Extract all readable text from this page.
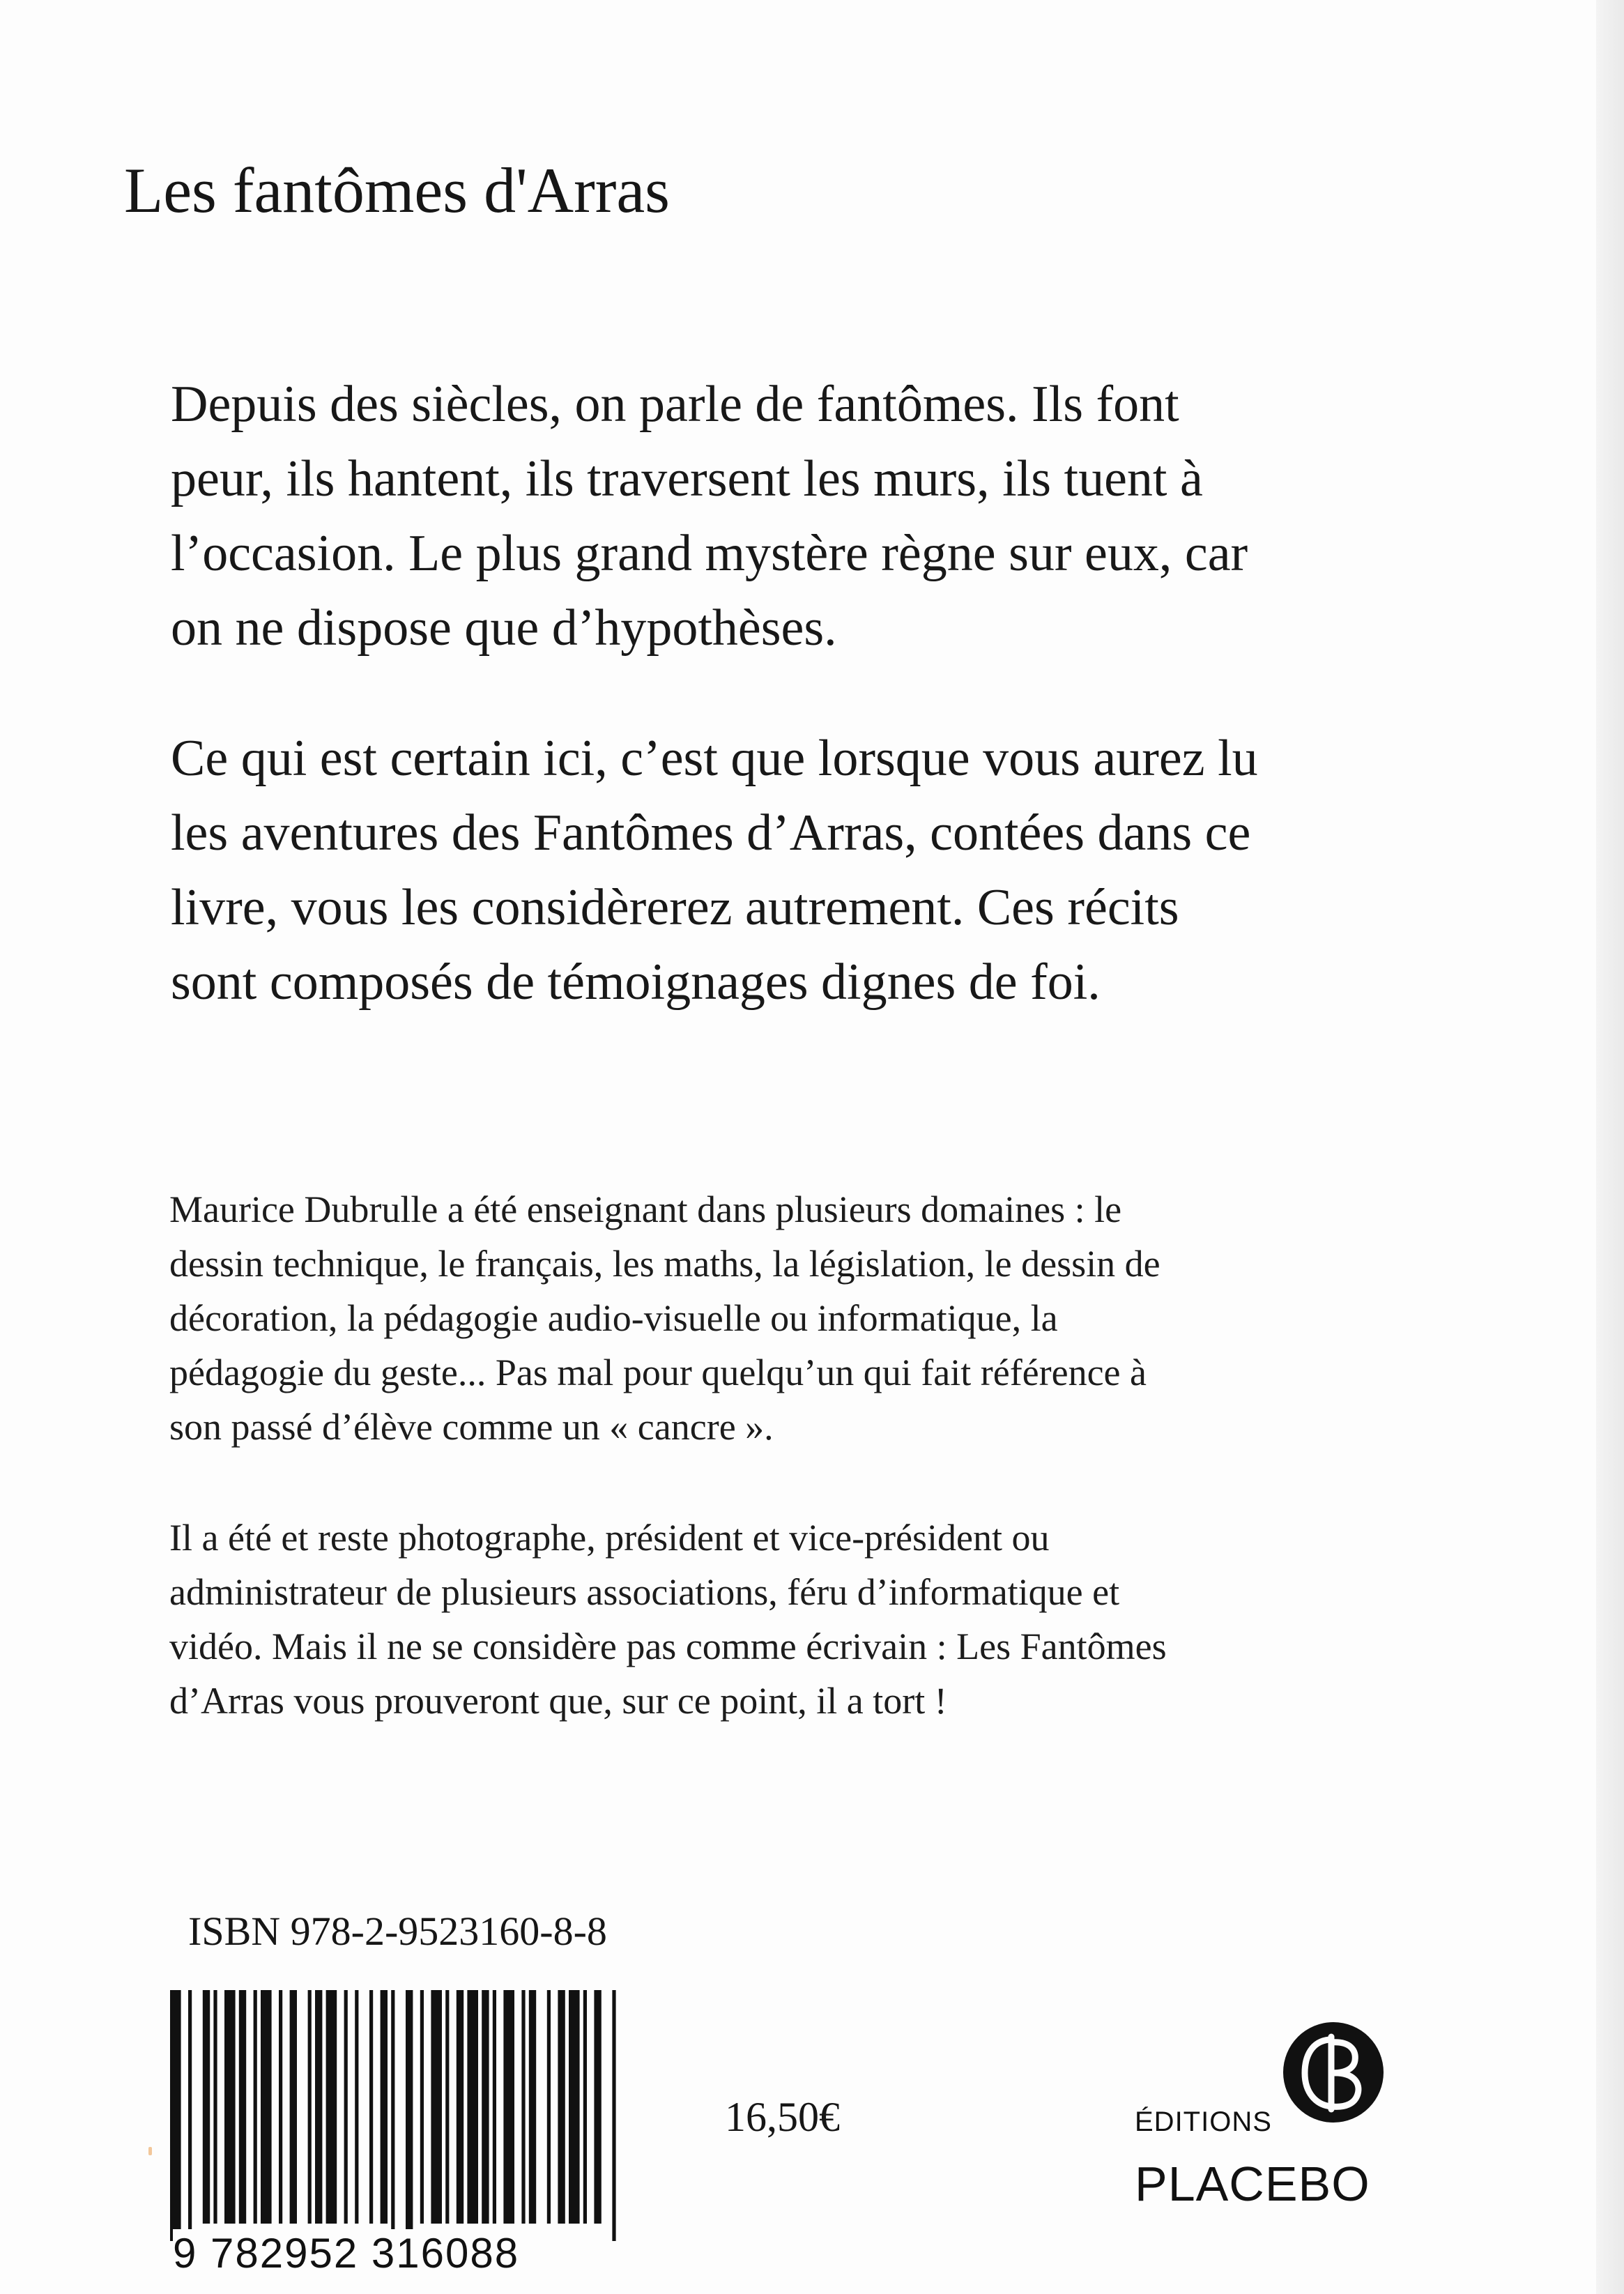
Les fantômes d'Arras

Depuis des siècles, on parle de fantômes. Ils font
peur, ils hantent, ils traversent les murs, ils tuent à
l’occasion. Le plus grand mystère règne sur eux, car
on ne dispose que d’hypothèses.

Ce qui est certain ici, c’est que lorsque vous aurez lu
les aventures des Fantômes d’Arras, contées dans ce
livre, vous les considèrerez autrement. Ces récits
sont composés de témoignages dignes de foi.

Maurice Dubrulle a été enseignant dans plusieurs domaines : le
dessin technique, le français, les maths, la législation, le dessin de
décoration, la pédagogie audio-visuelle ou informatique, la
pédagogie du geste... Pas mal pour quelqu’un qui fait référence à
son passé d’élève comme un « cancre ».

Il a été et reste photographe, président et vice-président ou
administrateur de plusieurs associations, féru d’informatique et
vidéo. Mais il ne se considère pas comme écrivain : Les Fantômes
d’Arras vous prouveront que, sur ce point, il a tort !

ISBN 978-2-9523160-8-8
9 782952 316088
16,50€	ÉDITIONS
PLACEBO
